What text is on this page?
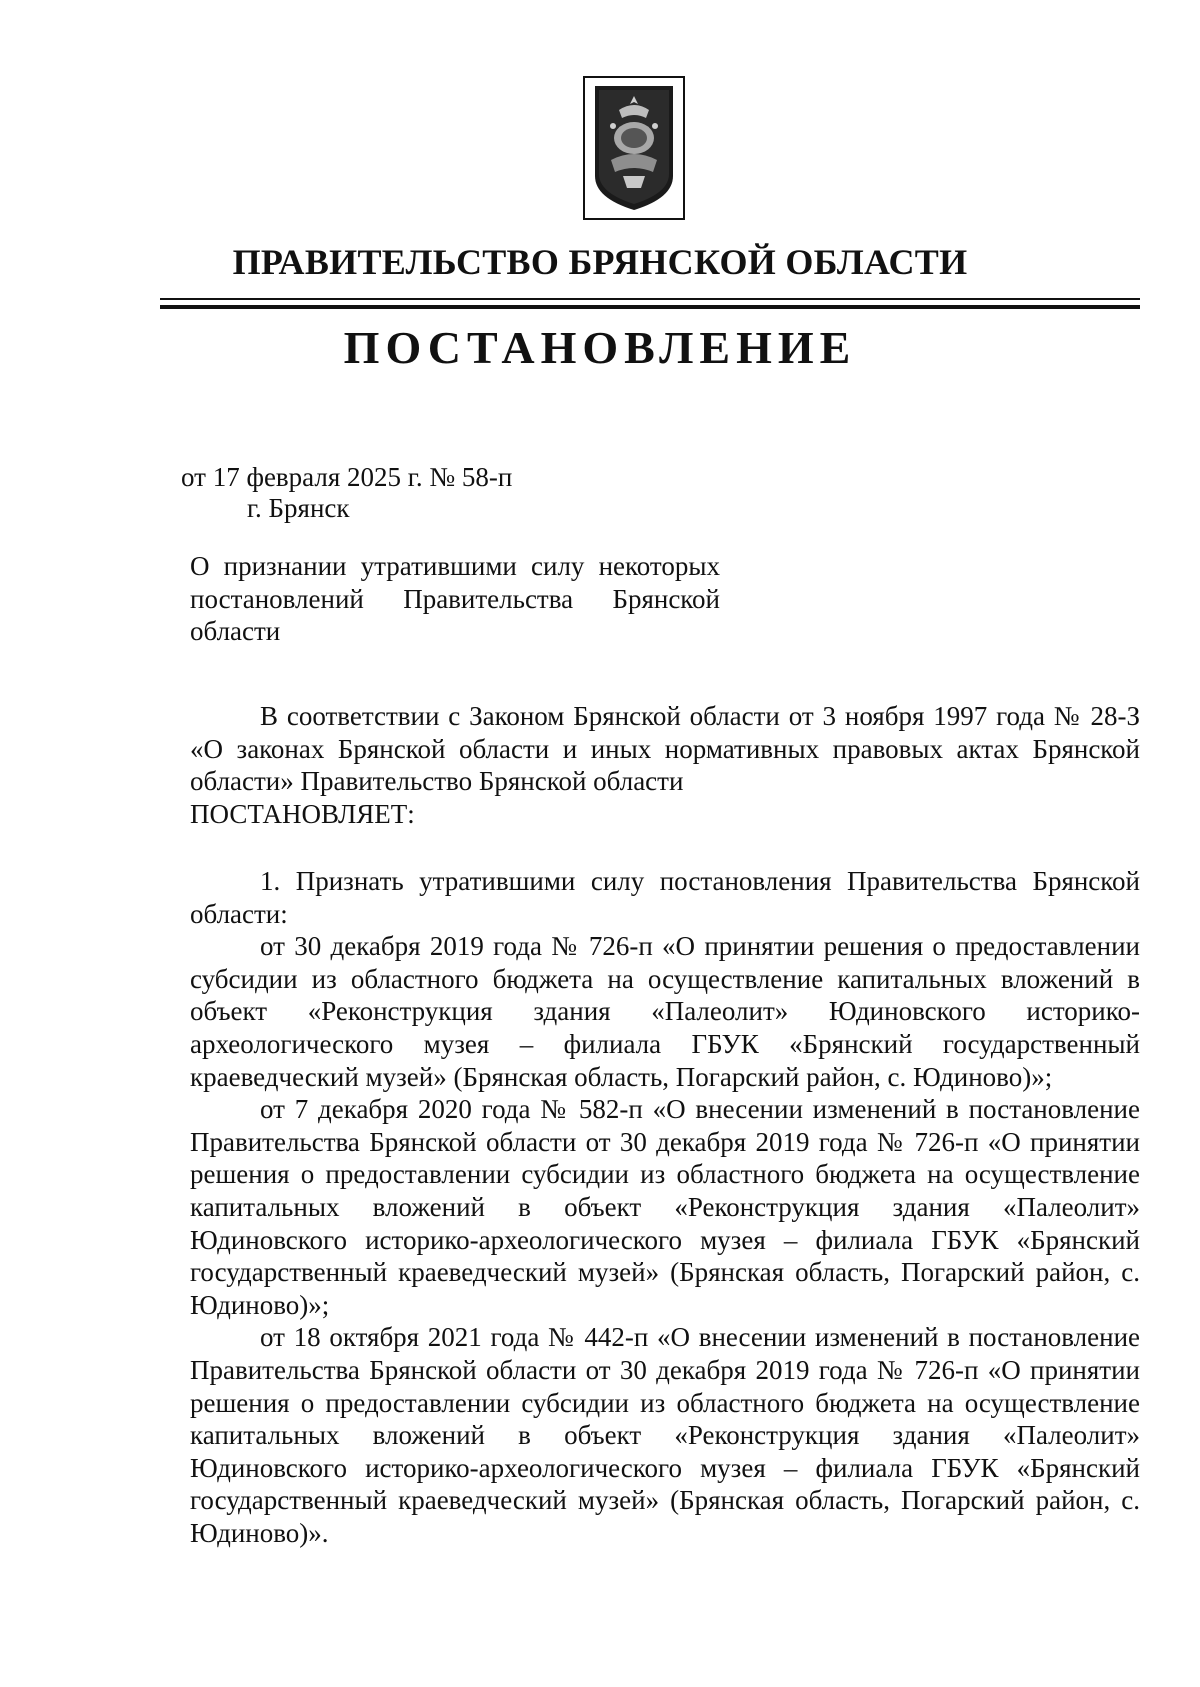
ПРАВИТЕЛЬСТВО БРЯНСКОЙ ОБЛАСТИ
ПОСТАНОВЛЕНИЕ
от 17 февраля 2025 г. № 58-п
г. Брянск
О признании утратившими силу некоторых постановлений Правительства Брянской области

В соответствии с Законом Брянской области от 3 ноября 1997 года № 28-З «О законах Брянской области и иных нормативных правовых актах Брянской области» Правительство Брянской области

ПОСТАНОВЛЯЕТ:

1. Признать утратившими силу постановления Правительства Брянской области:

от 30 декабря 2019 года № 726-п «О принятии решения о предоставлении субсидии из областного бюджета на осуществление капитальных вложений в объект «Реконструкция здания «Палеолит» Юдиновского историко-археологического музея – филиала ГБУК «Брянский государственный краеведческий музей» (Брянская область, Погарский район, с. Юдиново)»;

от 7 декабря 2020 года № 582-п «О внесении изменений в постановление Правительства Брянской области от 30 декабря 2019 года № 726-п «О принятии решения о предоставлении субсидии из областного бюджета на осуществление капитальных вложений в объект «Реконструкция здания «Палеолит» Юдиновского историко-археологического музея – филиала ГБУК «Брянский государственный краеведческий музей» (Брянская область, Погарский район, с. Юдиново)»;

от 18 октября 2021 года № 442-п «О внесении изменений в постановление Правительства Брянской области от 30 декабря 2019 года № 726-п «О принятии решения о предоставлении субсидии из областного бюджета на осуществление капитальных вложений в объект «Реконструкция здания «Палеолит» Юдиновского историко-археологического музея – филиала ГБУК «Брянский государственный краеведческий музей» (Брянская область, Погарский район, с. Юдиново)».
